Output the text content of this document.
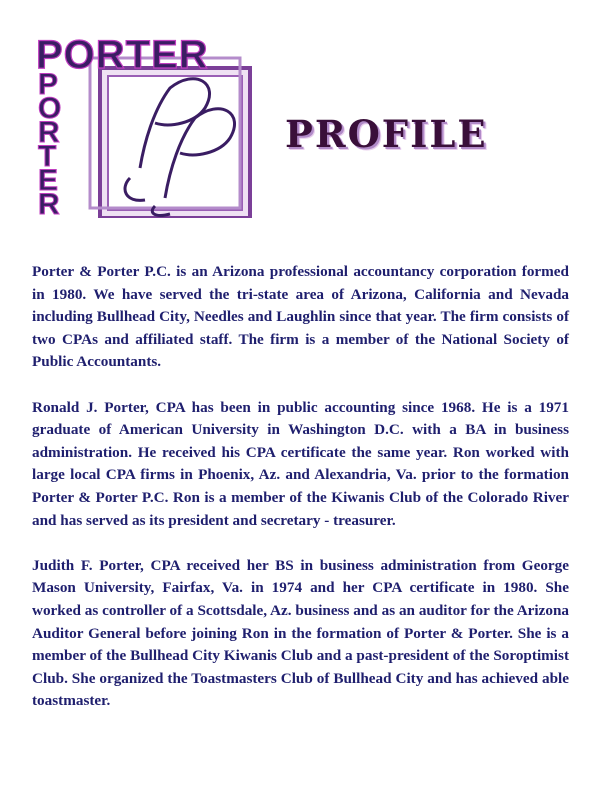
PORTER
P
O
R
T
E
R
PROFILE

Porter & Porter P.C. is an Arizona professional accountancy corporation formed in 1980. We have served the tri-state area of Arizona, California and Nevada including Bullhead City, Needles and Laughlin since that year. The firm consists of two CPAs and affiliated staff. The firm is a member of the National Society of Public Accountants.

Ronald J. Porter, CPA has been in public accounting since 1968. He is a 1971 graduate of American University in Washington D.C. with a BA in business administration. He received his CPA certificate the same year. Ron worked with large local CPA firms in Phoenix, Az. and Alexandria, Va. prior to the formation Porter & Porter P.C. Ron is a member of the Kiwanis Club of the Colorado River and has served as its president and secretary - treasurer.

Judith F. Porter, CPA received her BS in business administration from George Mason University, Fairfax, Va. in 1974 and her CPA certificate in 1980. She worked as controller of a Scottsdale, Az. business and as an auditor for the Arizona Auditor General before joining Ron in the formation of Porter & Porter. She is a member of the Bullhead City Kiwanis Club and a past-president of the Soroptimist Club. She organized the Toastmasters Club of Bullhead City and has achieved able toastmaster.
